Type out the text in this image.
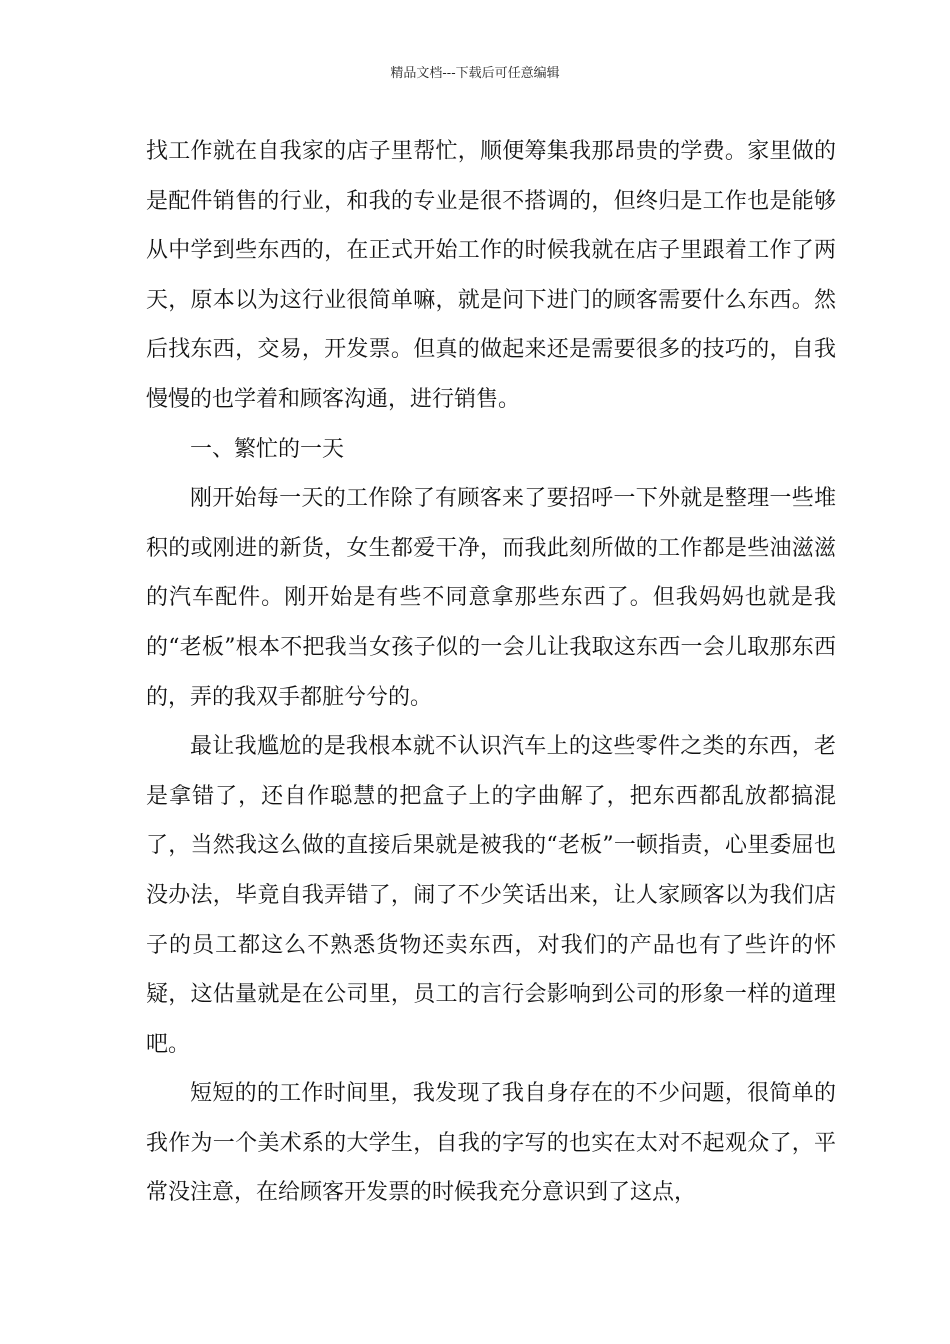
精品文档---下载后可任意编辑

找工作就在自我家的店子里帮忙，顺便筹集我那昂贵的学费。家里做的是配件销售的行业，和我的专业是很不搭调的，但终归是工作也是能够从中学到些东西的，在正式开始工作的时候我就在店子里跟着工作了两天，原本以为这行业很简单嘛，就是问下进门的顾客需要什么东西。然后找东西，交易，开发票。但真的做起来还是需要很多的技巧的，自我慢慢的也学着和顾客沟通，进行销售。

一、繁忙的一天

刚开始每一天的工作除了有顾客来了要招呼一下外就是整理一些堆积的或刚进的新货，女生都爱干净，而我此刻所做的工作都是些油滋滋的汽车配件。刚开始是有些不同意拿那些东西了。但我妈妈也就是我的“老板”根本不把我当女孩子似的一会儿让我取这东西一会儿取那东西的，弄的我双手都脏兮兮的。

最让我尴尬的是我根本就不认识汽车上的这些零件之类的东西，老是拿错了，还自作聪慧的把盒子上的字曲解了，把东西都乱放都搞混了，当然我这么做的直接后果就是被我的“老板”一顿指责，心里委屈也没办法，毕竟自我弄错了，闹了不少笑话出来，让人家顾客以为我们店子的员工都这么不熟悉货物还卖东西，对我们的产品也有了些许的怀疑，这估量就是在公司里，员工的言行会影响到公司的形象一样的道理吧。

短短的的工作时间里，我发现了我自身存在的不少问题，很简单的我作为一个美术系的大学生，自我的字写的也实在太对不起观众了，平常没注意，在给顾客开发票的时候我充分意识到了这点，
